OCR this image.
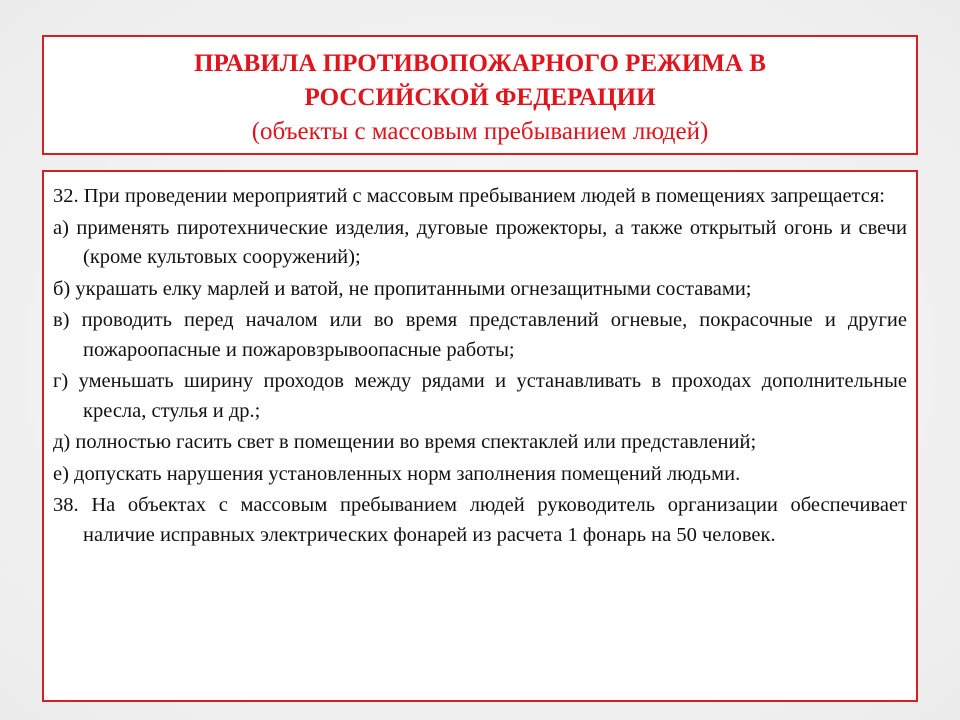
ПРАВИЛА ПРОТИВОПОЖАРНОГО РЕЖИМА В

РОССИЙСКОЙ ФЕДЕРАЦИИ

(объекты с массовым пребыванием людей)

32. При проведении мероприятий с массовым пребыванием людей в помещениях запрещается:

а) применять пиротехнические изделия, дуговые прожекторы, а также открытый огонь и свечи (кроме культовых сооружений);

б) украшать елку марлей и ватой, не пропитанными огнезащитными составами;

в) проводить перед началом или во время представлений огневые, покрасочные и другие пожароопасные и пожаровзрывоопасные работы;

г) уменьшать ширину проходов между рядами и устанавливать в проходах дополнительные кресла, стулья и др.;

д) полностью гасить свет в помещении во время спектаклей или представлений;

е) допускать нарушения установленных норм заполнения помещений людьми.

38. На объектах с массовым пребыванием людей руководитель организации обеспечивает наличие исправных электрических фонарей из расчета 1 фонарь на 50 человек.
